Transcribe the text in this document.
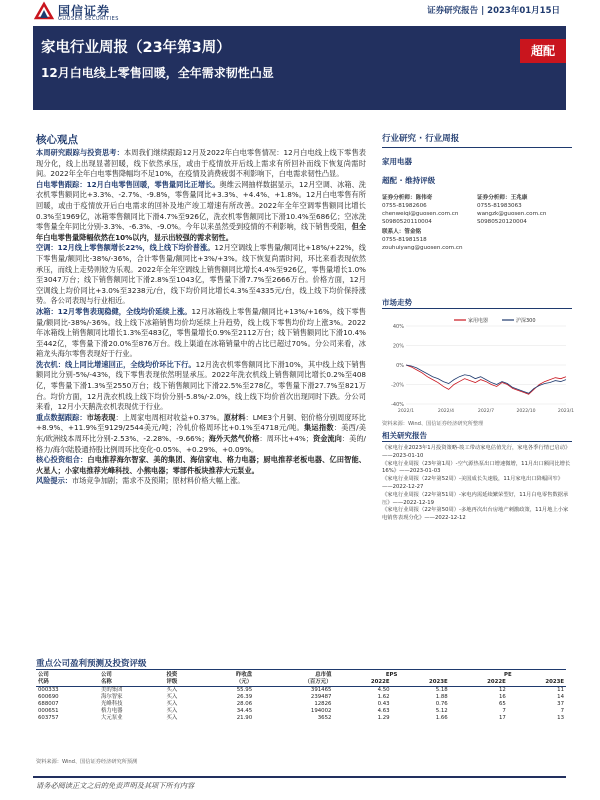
国信证券
GUOSEN SECURITIES
证券研究报告 | 2023年01月15日
家电行业周报（23年第3周）
12月白电线上零售回暖，全年需求韧性凸显
超配
核心观点

本周研究跟踪与投资思考：本周我们继续跟踪12月及2022年白电零售情况：12月白电线上线下零售表现分化，线上出现显著回暖，线下依然承压，或由于疫情放开后线上需求有所回补而线下恢复尚需时间。2022年全年白电零售降幅均不足10%，在疫情及消费疲弱不利影响下，白电需求韧性凸显。

白电零售跟踪：12月白电零售回暖，零售量同比正增长。奥维云网抽样数据显示，12月空调、冰箱、洗衣机零售额同比+3.3%、-2.7%、-9.8%，零售量同比+3.3%、+4.4%、+1.8%。12月白电零售有所回暖，或由于疫情放开后白电需求的回补及地产竣工增速有所改善。2022年全年空调零售额同比增长0.3%至1969亿，冰箱零售额同比下滑4.7%至926亿，洗衣机零售额同比下滑10.4%至686亿；空冰洗零售量全年同比分别-3.3%、-6.3%、-9.0%。今年以来虽然受到疫情的不利影响，线下销售受阻，但全年白电零售量降幅依然在10%以内，显示出较强的需求韧性。

空调：12月线上零售额增长22%，线上线下均价普涨。12月空调线上零售量/额同比+18%/+22%，线下零售量/额同比-38%/-36%，合计零售量/额同比+3%/+3%。线下恢复尚需时间，环比来看表现依然承压，而线上走势则较为乐观。2022年全年空调线上销售额同比增长4.4%至926亿，零售量增长1.0%至3047万台；线下销售额同比下滑2.8%至1043亿，零售量下滑7.7%至2666万台。价格方面，12月空调线上均价同比+3.0%至3238元/台，线下均价同比增长4.3%至4335元/台，线上线下均价保持涨势。各公司表现与行业相近。

冰箱：12月零售表现稳健，全线均价延续上涨。12月冰箱线上零售量/额同比+13%/+16%，线下零售量/额同比-38%/-36%。线上线下冰箱销售均价均延续上升趋势，线上线下零售均价均上涨3%。2022年冰箱线上销售额同比增长1.3%至483亿，零售量增长0.9%至2112万台；线下销售额同比下滑10.4%至442亿，零售量下滑20.0%至876万台。线上渠道在冰箱销量中的占比已超过70%。分公司来看，冰箱龙头海尔零售表现好于行业。

洗衣机：线上同比增速回正，全线均价环比下行。12月洗衣机零售额同比下滑10%，其中线上线下销售额同比分别-5%/-43%，线下零售表现依然明显承压。2022年洗衣机线上销售额同比增长0.2%至408亿，零售量下滑1.3%至2550万台；线下销售额同比下滑22.5%至278亿，零售量下滑27.7%至821万台。均价方面，12月洗衣机线上线下均价分别-5.8%/-2.0%，线上线下均价首次出现同时下跌。分公司来看，12月小天鹅洗衣机表现优于行业。

重点数据跟踪：市场表现：上周家电周相对收益+0.37%。原材料：LME3个月铜、铝价格分别周度环比+8.9%、+11.9%至9129/2544美元/吨；冷轧价格周环比+0.1%至4718元/吨。集运指数：美西/美东/欧洲线本周环比分别-2.53%、-2.28%、-9.66%；海外天然气价格：周环比+4%；资金流向：美的/格力/海尔陆股通持股比例周环比变化-0.05%、+0.29%、+0.09%。

核心投资组合：白电推荐海尔智家、美的集团、海信家电、格力电器；厨电推荐老板电器、亿田智能、火星人；小家电推荐光峰科技、小熊电器；零部件板块推荐大元泵业。

风险提示：市场竞争加剧；需求不及预期；原材料价格大幅上涨。

行业研究 · 行业周报
家用电器
超配 · 维持评级
证券分析师：陈伟奇
0755-81982606
chenweiqi@guosen.com.cn
S0980520110004
证券分析师：王兆康
0755-81983063
wangzk@guosen.com.cn
S0980520120004
联系人：管金铭
0755-81981518
zouhuiyang@guosen.com.cn
市场走势
40%
20%
0%
-20%
-40%
2022/1	2022/4	2022/7	2022/10	2023/1
家用电器	沪深300
资料来源：Wind、国信证券经济研究所整理
相关研究报告
《家电行业2023年1月投资策略-竣工带动家电估值先行，家电各季行情已启动》——2023-01-10
《家电行业周报（23年第1周）-空气源热泵出口增速微增，11月出口额同比增长16%》——2023-01-03
《家电行业周报（22年第52周）-美国成长失速股，11月家电出口降幅回窄》——2022-12-27
《家电行业周报（22年第51周）-家电内需延续繁荣型好，11月白电零售数据承压》——2022-12-19
《家电行业周报（22年第50周）-多地再次出台房地产刺激政策，11月地上小家电销售表现分化》——2022-12-12
重点公司盈利预测及投资评级
公司	公司	投资	昨收盘	总市值	EPS		PE	
代码	名称	评级	（元）	（百万元）	2022E	2023E	2022E	2023E
000333	美的集团	买入	55.95	391465	4.50	5.18	12	11
600690	海尔智家	买入	26.39	239487	1.62	1.88	16	14
688007	光峰科技	买入	28.06	12826	0.43	0.76	65	37
000651	格力电器	买入	34.45	194002	4.63	5.12	7	7
603757	大元泵业	买入	21.90	3652	1.29	1.66	17	13
资料来源：Wind、国信证券经济研究所预测
请务必阅读正文之后的免责声明及其项下所有内容
